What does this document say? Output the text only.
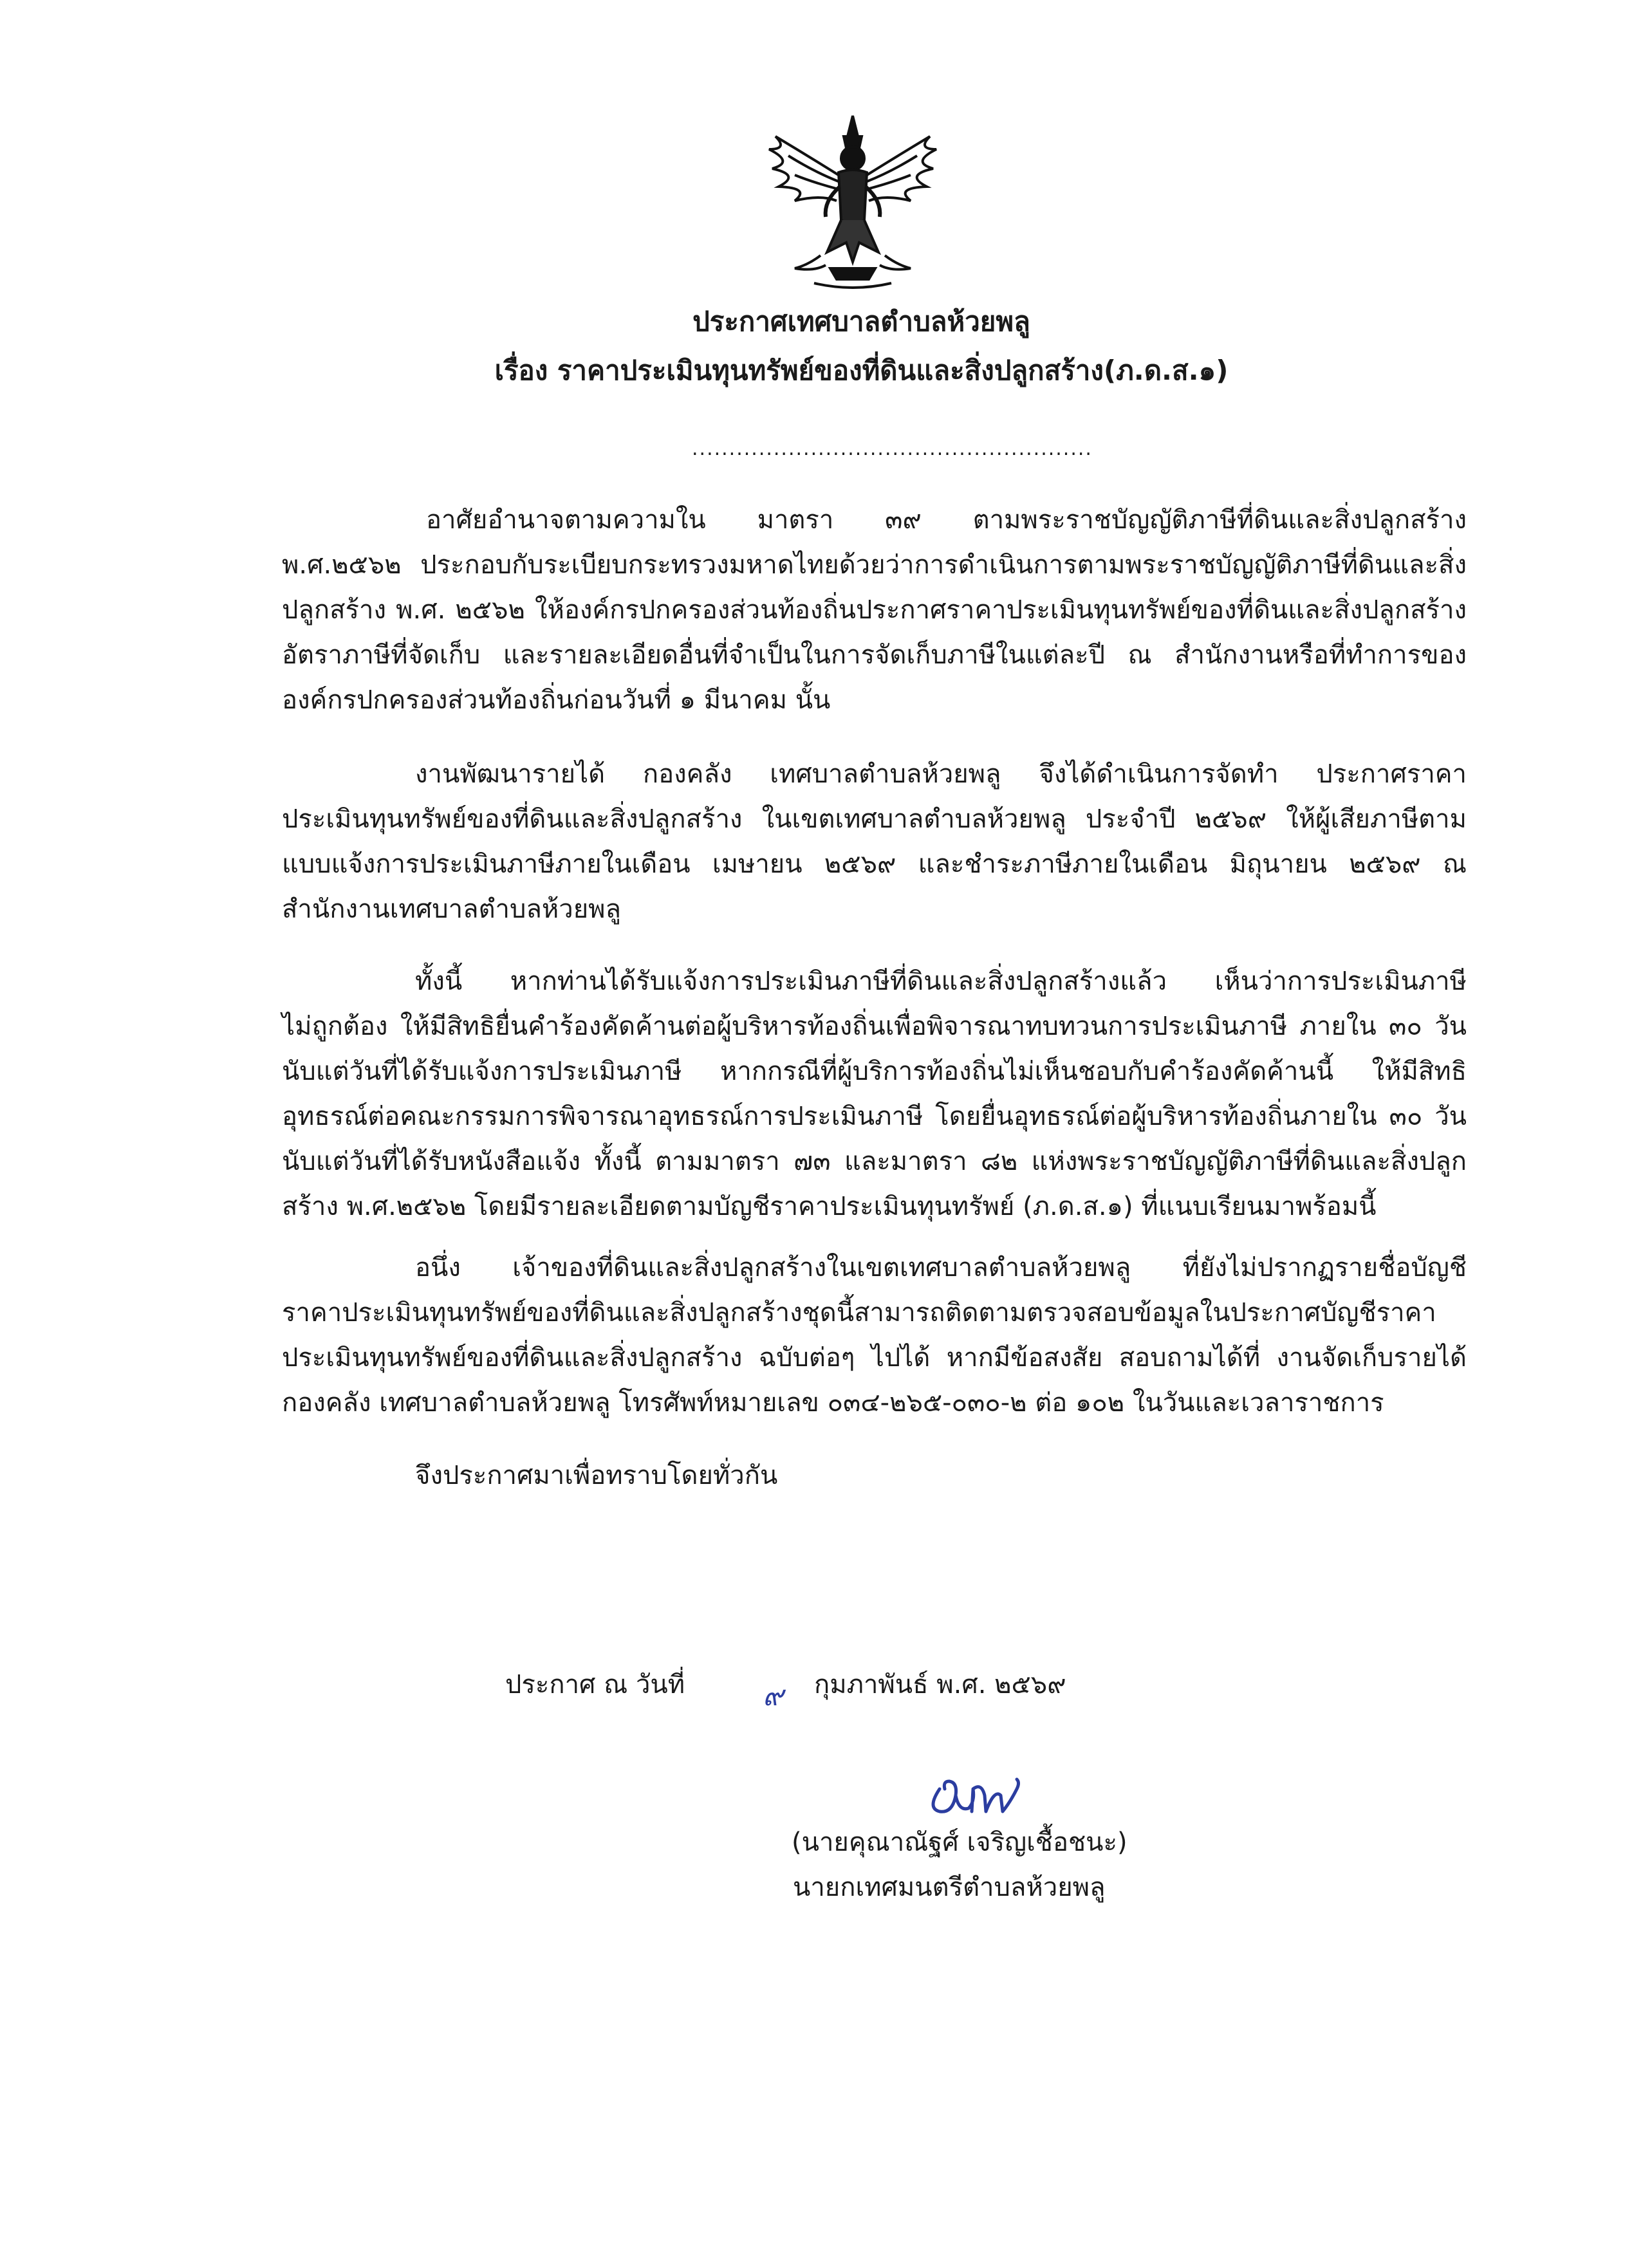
ประกาศเทศบาลตำบลห้วยพลู
เรื่อง ราคาประเมินทุนทรัพย์ของที่ดินและสิ่งปลูกสร้าง(ภ.ด.ส.๑)
......................................................
อาศัยอำนาจตามความใน มาตรา ๓๙ ตามพระราชบัญญัติภาษีที่ดินและสิ่งปลูกสร้าง
พ.ศ.๒๕๖๒ ประกอบกับระเบียบกระทรวงมหาดไทยด้วยว่าการดำเนินการตามพระราชบัญญัติภาษีที่ดินและสิ่ง
ปลูกสร้าง พ.ศ. ๒๕๖๒ ให้องค์กรปกครองส่วนท้องถิ่นประกาศราคาประเมินทุนทรัพย์ของที่ดินและสิ่งปลูกสร้าง
อัตราภาษีที่จัดเก็บ และรายละเอียดอื่นที่จำเป็นในการจัดเก็บภาษีในแต่ละปี ณ สำนักงานหรือที่ทำการของ
องค์กรปกครองส่วนท้องถิ่นก่อนวันที่ ๑ มีนาคม นั้น
งานพัฒนารายได้ กองคลัง เทศบาลตำบลห้วยพลู จึงได้ดำเนินการจัดทำ ประกาศราคา
ประเมินทุนทรัพย์ของที่ดินและสิ่งปลูกสร้าง ในเขตเทศบาลตำบลห้วยพลู ประจำปี ๒๕๖๙ ให้ผู้เสียภาษีตาม
แบบแจ้งการประเมินภาษีภายในเดือน เมษายน ๒๕๖๙ และชำระภาษีภายในเดือน มิถุนายน ๒๕๖๙ ณ
สำนักงานเทศบาลตำบลห้วยพลู
ทั้งนี้ หากท่านได้รับแจ้งการประเมินภาษีที่ดินและสิ่งปลูกสร้างแล้ว เห็นว่าการประเมินภาษี
ไม่ถูกต้อง ให้มีสิทธิยื่นคำร้องคัดค้านต่อผู้บริหารท้องถิ่นเพื่อพิจารณาทบทวนการประเมินภาษี ภายใน ๓๐ วัน
นับแต่วันที่ได้รับแจ้งการประเมินภาษี หากกรณีที่ผู้บริการท้องถิ่นไม่เห็นชอบกับคำร้องคัดค้านนี้ ให้มีสิทธิ
อุทธรณ์ต่อคณะกรรมการพิจารณาอุทธรณ์การประเมินภาษี โดยยื่นอุทธรณ์ต่อผู้บริหารท้องถิ่นภายใน ๓๐ วัน
นับแต่วันที่ได้รับหนังสือแจ้ง ทั้งนี้ ตามมาตรา ๗๓ และมาตรา ๘๒ แห่งพระราชบัญญัติภาษีที่ดินและสิ่งปลูก
สร้าง พ.ศ.๒๕๖๒ โดยมีรายละเอียดตามบัญชีราคาประเมินทุนทรัพย์ (ภ.ด.ส.๑) ที่แนบเรียนมาพร้อมนี้
อนึ่ง เจ้าของที่ดินและสิ่งปลูกสร้างในเขตเทศบาลตำบลห้วยพลู ที่ยังไม่ปรากฏรายชื่อบัญชี
ราคาประเมินทุนทรัพย์ของที่ดินและสิ่งปลูกสร้างชุดนี้สามารถติดตามตรวจสอบข้อมูลในประกาศบัญชีราคา
ประเมินทุนทรัพย์ของที่ดินและสิ่งปลูกสร้าง ฉบับต่อๆ ไปได้ หากมีข้อสงสัย สอบถามได้ที่ งานจัดเก็บรายได้
กองคลัง เทศบาลตำบลห้วยพลู โทรศัพท์หมายเลข ๐๓๔-๒๖๕-๐๓๐-๒ ต่อ ๑๐๒ ในวันและเวลาราชการ
จึงประกาศมาเพื่อทราบโดยทั่วกัน
ประกาศ ณ วันที่	๙	กุมภาพันธ์ พ.ศ. ๒๕๖๙
(นายคุณาณัฐศ์ เจริญเชื้อชนะ)
นายกเทศมนตรีตำบลห้วยพลู
